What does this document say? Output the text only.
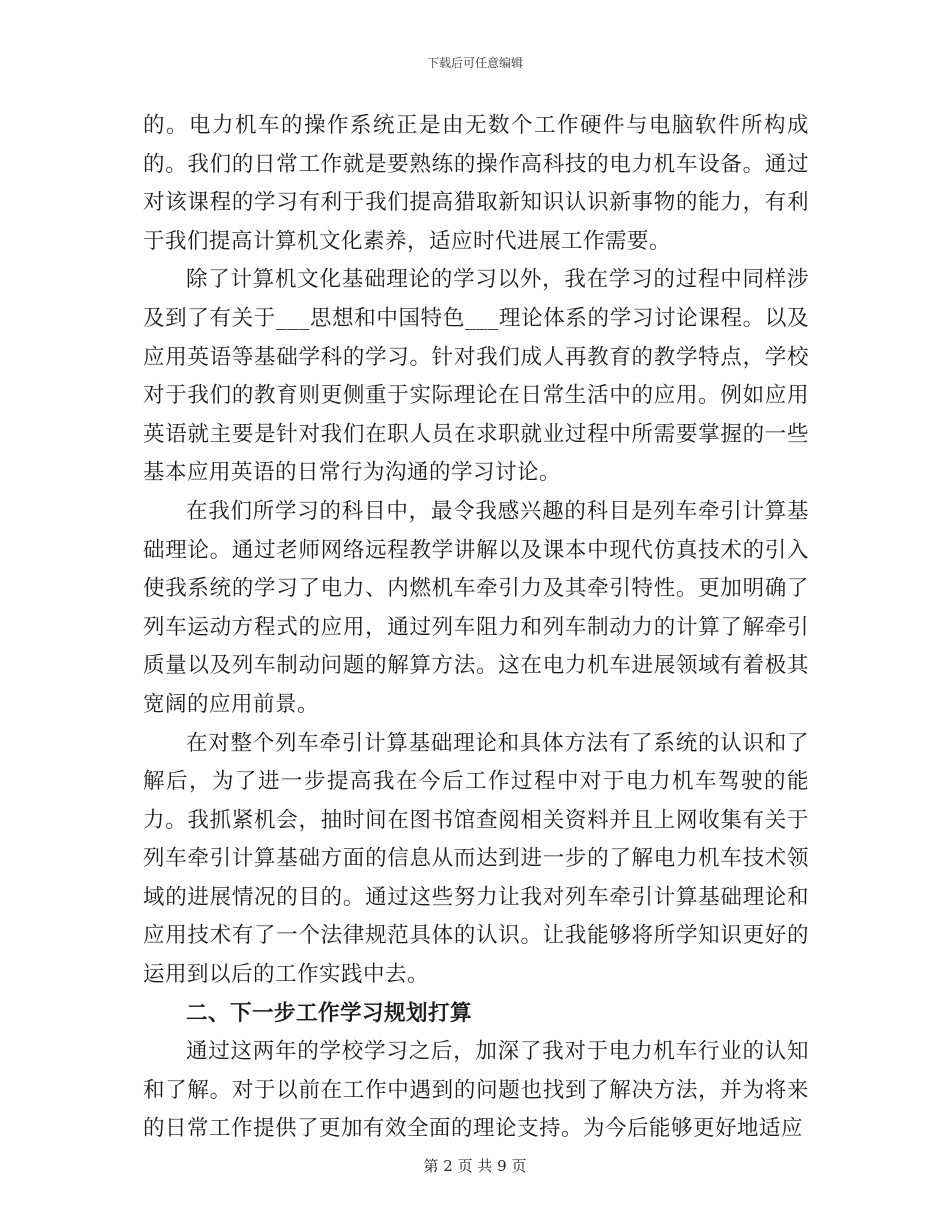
下载后可任意编辑

的。电力机车的操作系统正是由无数个工作硬件与电脑软件所构成的。我们的日常工作就是要熟练的操作高科技的电力机车设备。通过对该课程的学习有利于我们提高猎取新知识认识新事物的能力，有利于我们提高计算机文化素养，适应时代进展工作需要。

除了计算机文化基础理论的学习以外，我在学习的过程中同样涉及到了有关于___思想和中国特色___理论体系的学习讨论课程。以及应用英语等基础学科的学习。针对我们成人再教育的教学特点，学校对于我们的教育则更侧重于实际理论在日常生活中的应用。例如应用英语就主要是针对我们在职人员在求职就业过程中所需要掌握的一些基本应用英语的日常行为沟通的学习讨论。

在我们所学习的科目中，最令我感兴趣的科目是列车牵引计算基础理论。通过老师网络远程教学讲解以及课本中现代仿真技术的引入使我系统的学习了电力、内燃机车牵引力及其牵引特性。更加明确了列车运动方程式的应用，通过列车阻力和列车制动力的计算了解牵引质量以及列车制动问题的解算方法。这在电力机车进展领域有着极其宽阔的应用前景。

在对整个列车牵引计算基础理论和具体方法有了系统的认识和了解后，为了进一步提高我在今后工作过程中对于电力机车驾驶的能力。我抓紧机会，抽时间在图书馆查阅相关资料并且上网收集有关于列车牵引计算基础方面的信息从而达到进一步的了解电力机车技术领域的进展情况的目的。通过这些努力让我对列车牵引计算基础理论和应用技术有了一个法律规范具体的认识。让我能够将所学知识更好的运用到以后的工作实践中去。

二、下一步工作学习规划打算

通过这两年的学校学习之后，加深了我对于电力机车行业的认知和了解。对于以前在工作中遇到的问题也找到了解决方法，并为将来的日常工作提供了更加有效全面的理论支持。为今后能够更好地适应

第 2 页 共 9 页
